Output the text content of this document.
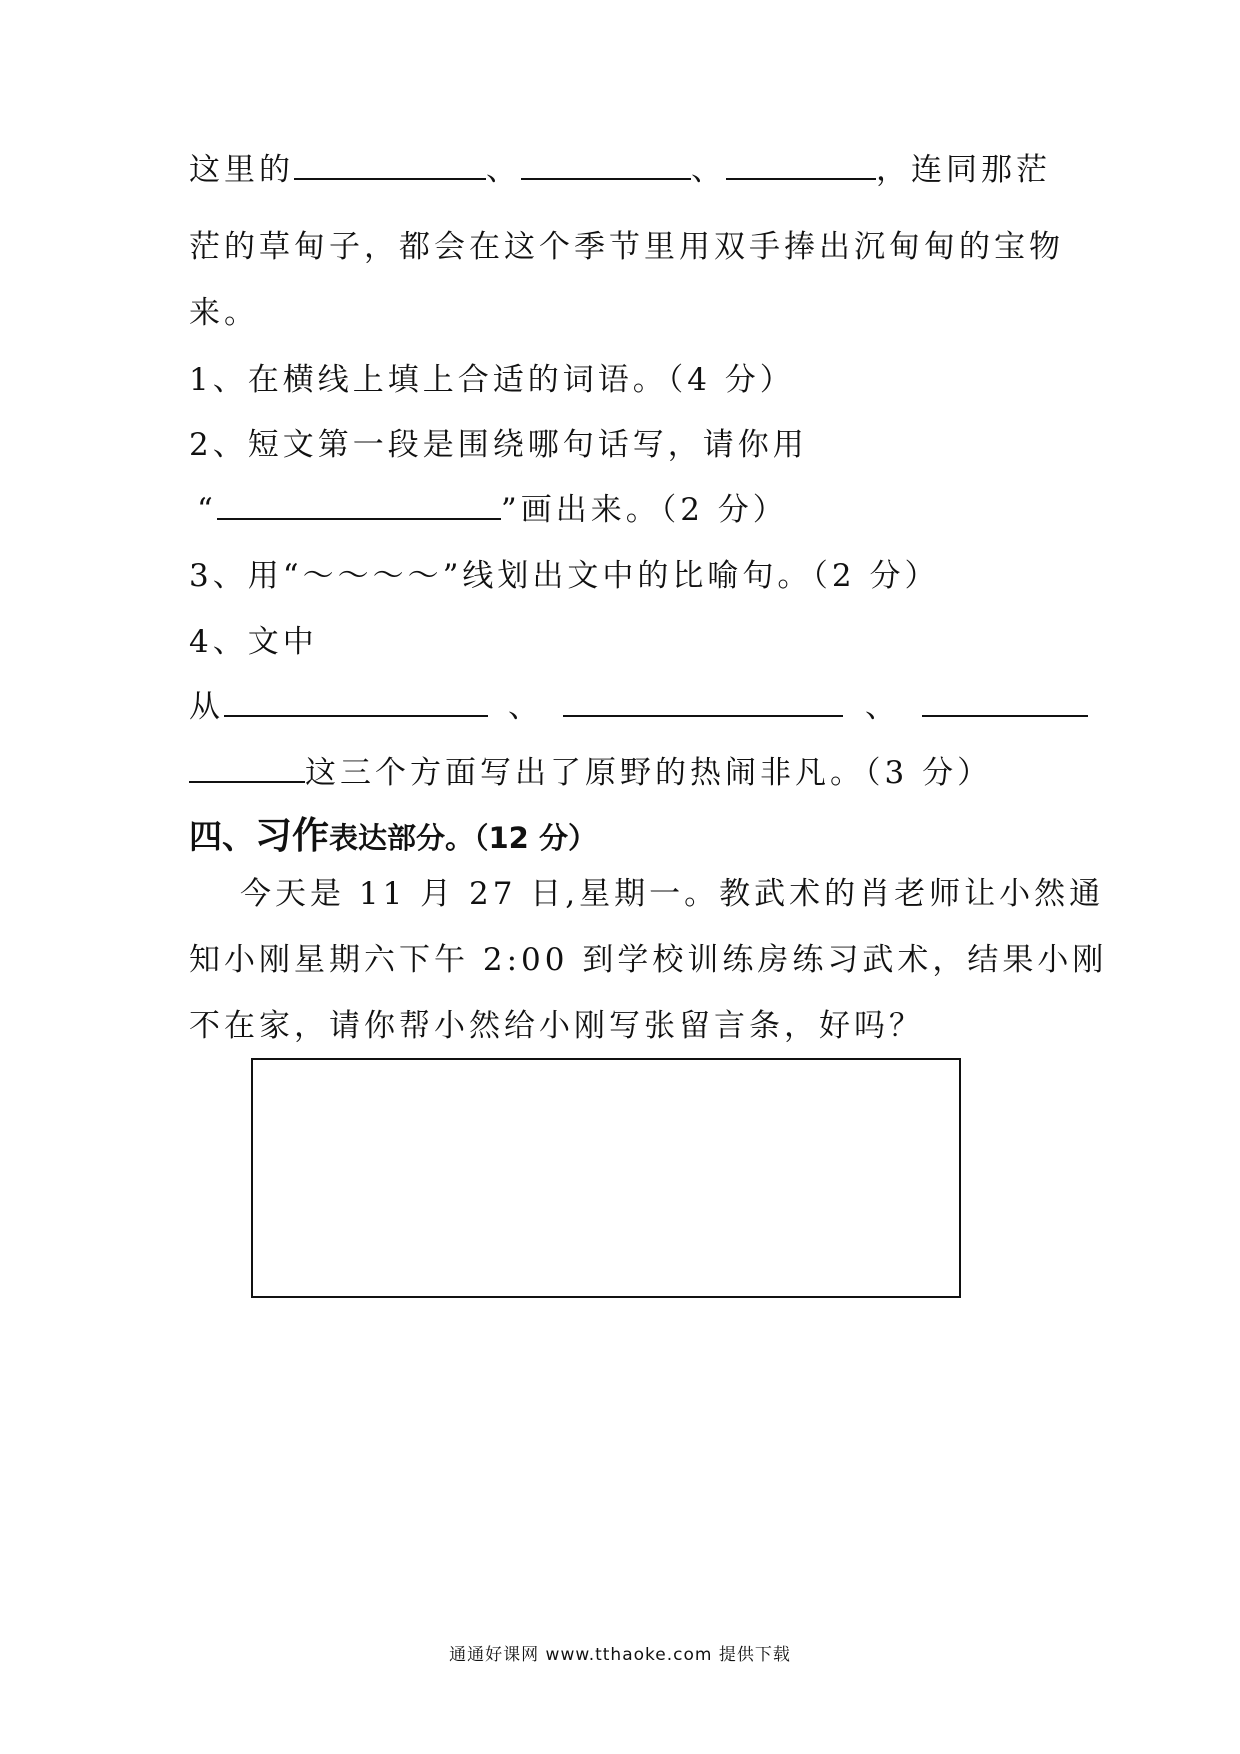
这里的	、	、	，连同那茫
茫的草甸子，都会在这个季节里用双手捧出沉甸甸的宝物
来。
1、在横线上填上合适的词语。（4 分）
2、短文第一段是围绕哪句话写，请你用
“	”画出来。（2 分）
3、用“～～～～”线划出文中的比喻句。（2 分）
4、文中
从	、	、
这三个方面写出了原野的热闹非凡。（3 分）
四、习作表达部分。（12 分）
今天是 11 月 27 日,星期一。教武术的肖老师让小然通
知小刚星期六下午 2:00 到学校训练房练习武术，结果小刚
不在家，请你帮小然给小刚写张留言条，好吗？
通通好课网 www.tthaoke.com 提供下载
